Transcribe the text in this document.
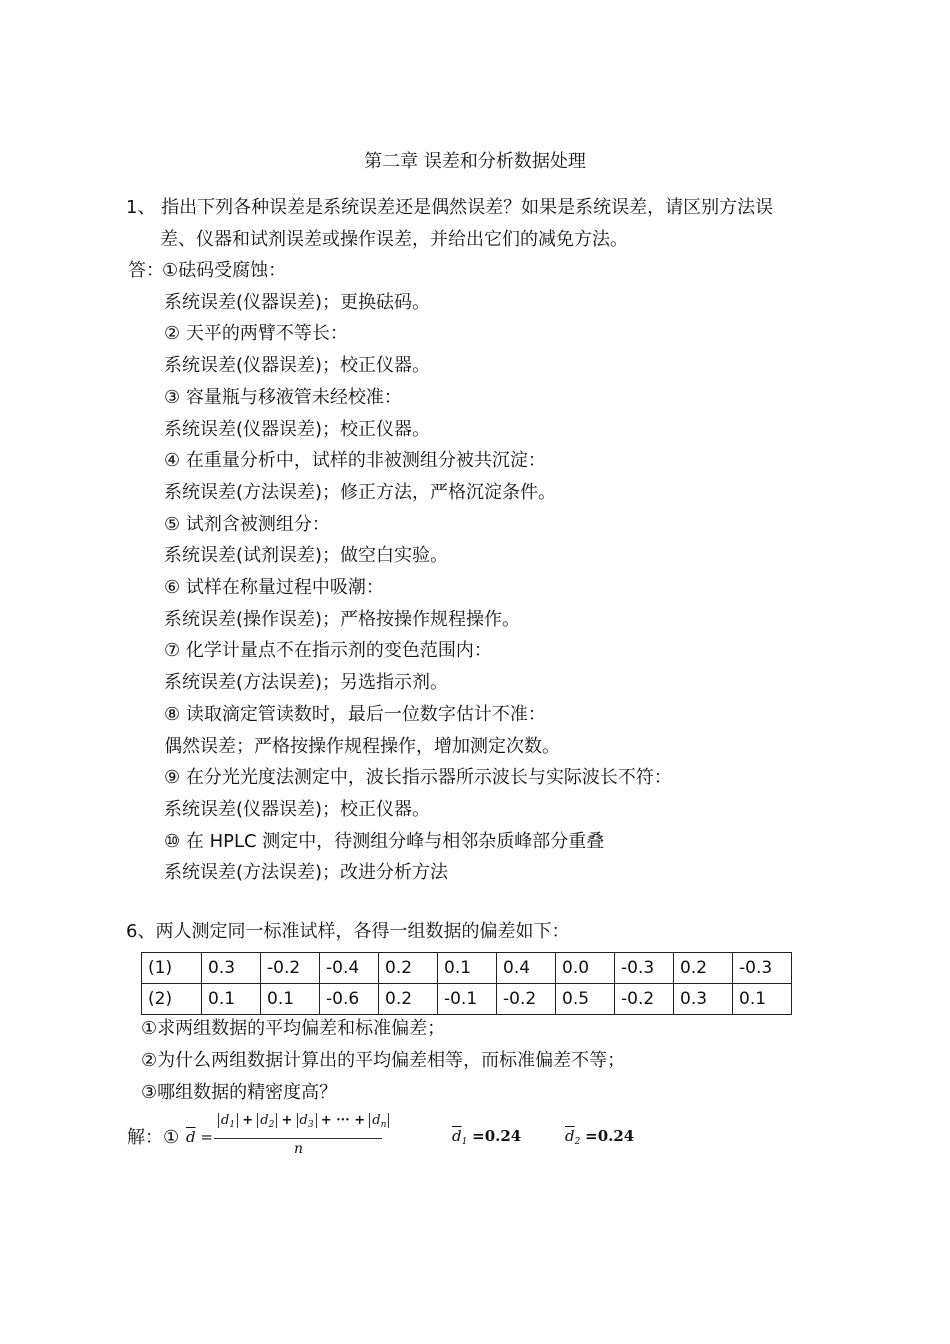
第二章 误差和分析数据处理
1、 指出下列各种误差是系统误差还是偶然误差？如果是系统误差，请区别方法误
差、仪器和试剂误差或操作误差，并给出它们的减免方法。
答：
①砝码受腐蚀：
系统误差(仪器误差)；更换砝码。
② 天平的两臂不等长：
系统误差(仪器误差)；校正仪器。
③ 容量瓶与移液管未经校准：
系统误差(仪器误差)；校正仪器。
④ 在重量分析中，试样的非被测组分被共沉淀：
系统误差(方法误差)；修正方法，严格沉淀条件。
⑤ 试剂含被测组分：
系统误差(试剂误差)；做空白实验。
⑥ 试样在称量过程中吸潮：
系统误差(操作误差)；严格按操作规程操作。
⑦ 化学计量点不在指示剂的变色范围内：
系统误差(方法误差)；另选指示剂。
⑧ 读取滴定管读数时，最后一位数字估计不准：
偶然误差；严格按操作规程操作，增加测定次数。
⑨ 在分光光度法测定中，波长指示器所示波长与实际波长不符：
系统误差(仪器误差)；校正仪器。
⑩ 在 HPLC 测定中，待测组分峰与相邻杂质峰部分重叠
系统误差(方法误差)；改进分析方法
6、两人测定同一标准试样，各得一组数据的偏差如下：
(1)	0.3	-0.2	-0.4	0.2	0.1	0.4	0.0	-0.3	0.2	-0.3
(2)	0.1	0.1	-0.6	0.2	-0.1	-0.2	0.5	-0.2	0.3	0.1
①求两组数据的平均偏差和标准偏差；
②为什么两组数据计算出的平均偏差相等，而标准偏差不等；
③哪组数据的精密度高？
解：① $\overline{d}$ =
$d_1 + d_2 + d_3$ + ··· + $d_n$
n
$\overline{d}_1 =0.24$	$\overline{d}_2 =0.24$
